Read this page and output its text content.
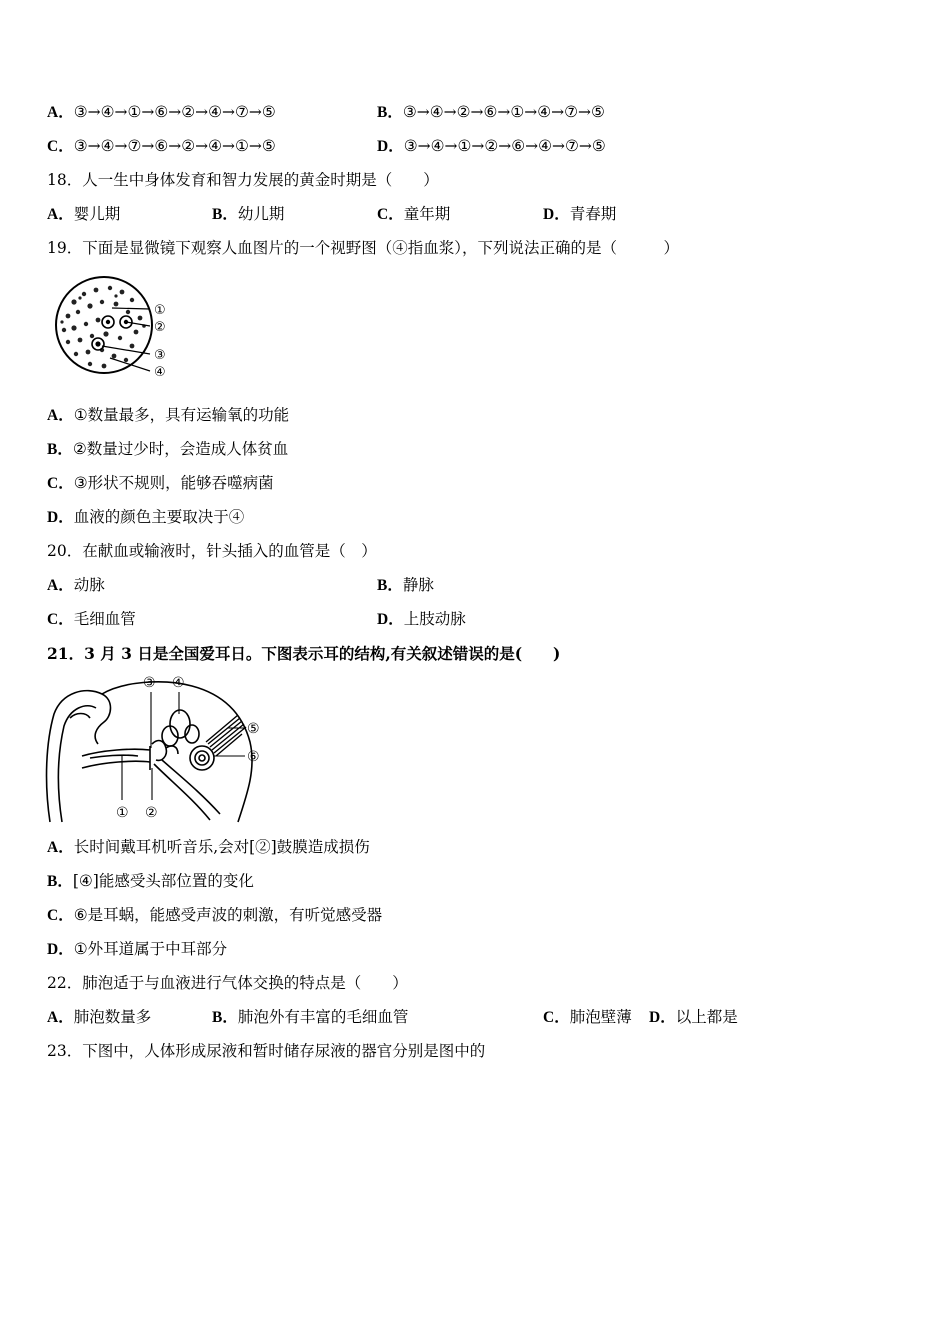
A．③→④→①→⑥→②→④→⑦→⑤	B．③→④→②→⑥→①→④→⑦→⑤
C．③→④→⑦→⑥→②→④→①→⑤	D．③→④→①→②→⑥→④→⑦→⑤
18．人一生中身体发育和智力发展的黄金时期是（　　）
A．婴儿期	B．幼儿期	C．童年期	D．青春期
19．下面是显微镜下观察人血图片的一个视野图（④指血浆），下列说法正确的是（　　　）
①
②
③
④
A．①数量最多，具有运输氧的功能
B．②数量过少时，会造成人体贫血
C．③形状不规则，能够吞噬病菌
D．血液的颜色主要取决于④
20．在献血或输液时，针头插入的血管是（　）
A．动脉	B．静脉
C．毛细血管	D．上肢动脉
21．3 月 3 日是全国爱耳日。下图表示耳的结构,有关叙述错误的是(　　)
③ ④
⑤
⑥
① ②
A．长时间戴耳机听音乐,会对[②]鼓膜造成损伤
B．[④]能感受头部位置的变化
C．⑥是耳蜗，能感受声波的刺激，有听觉感受器
D．①外耳道属于中耳部分
22．肺泡适于与血液进行气体交换的特点是（　　）
A．肺泡数量多	B．肺泡外有丰富的毛细血管	C．肺泡壁薄 D．以上都是
23．下图中，人体形成尿液和暂时储存尿液的器官分别是图中的
